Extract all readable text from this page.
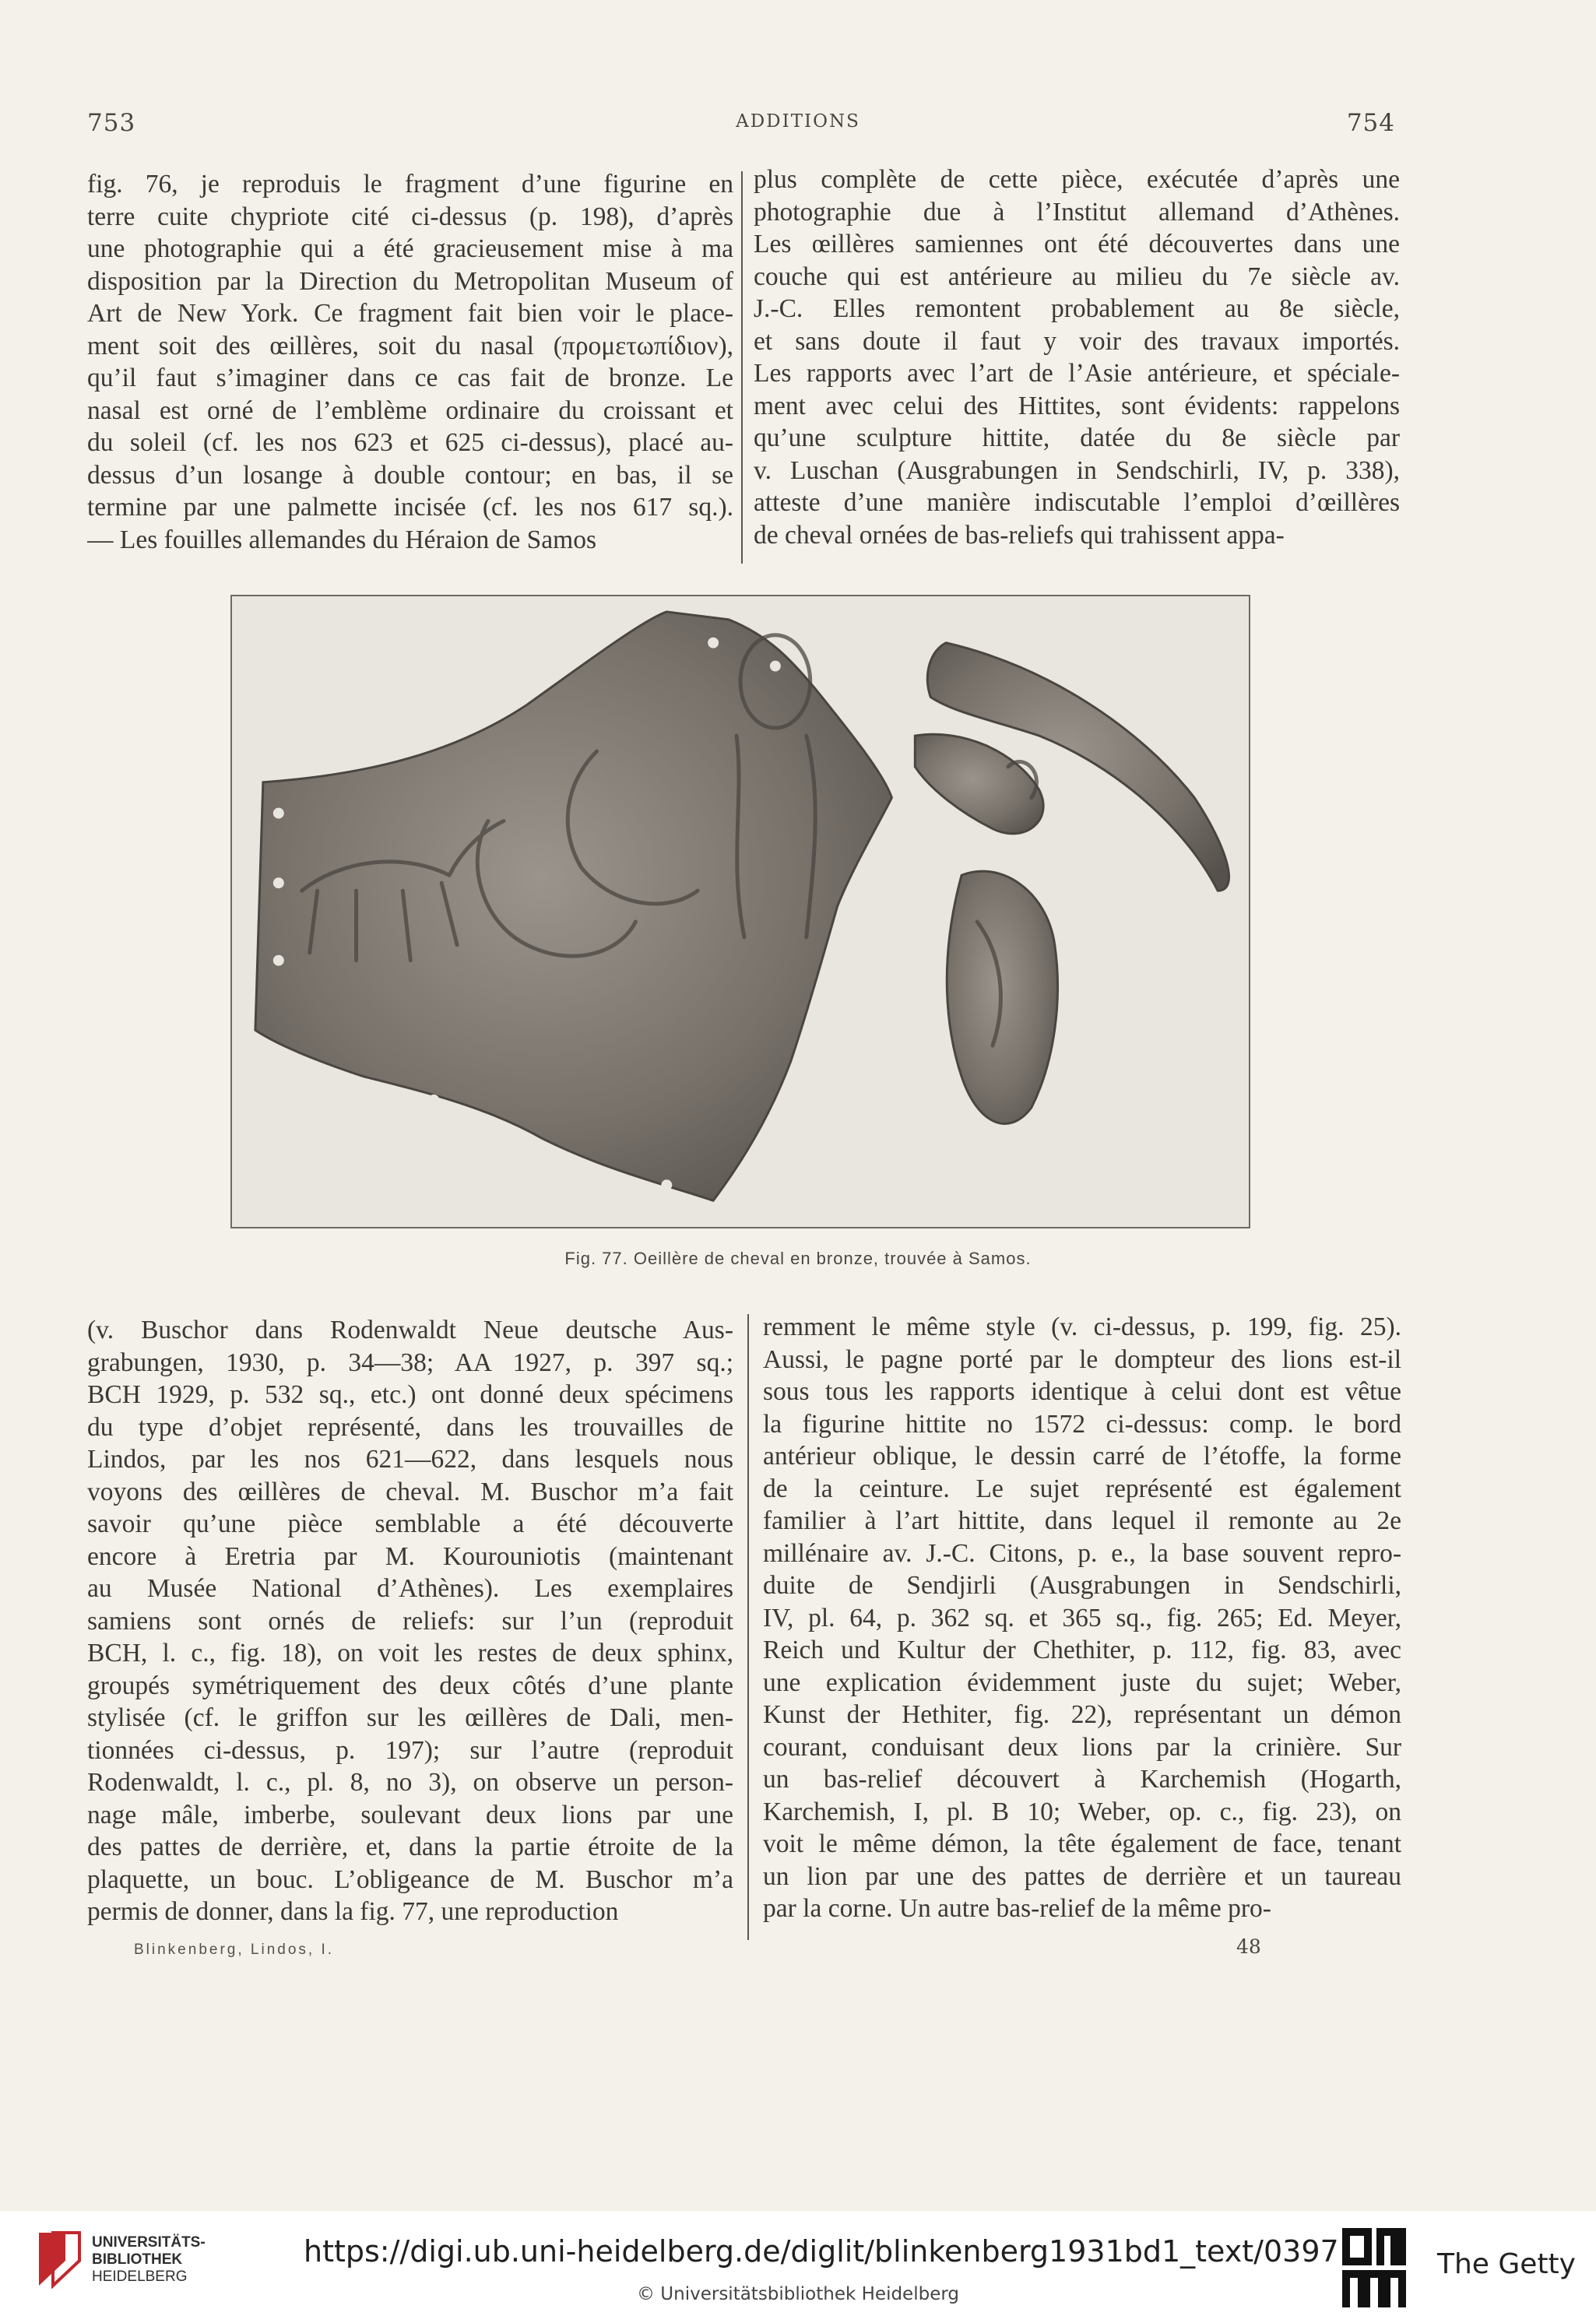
753	ADDITIONS	754

fig. 76, je reproduis le fragment d’une figurine en

terre cuite chypriote cité ci-dessus (p. 198), d’après

une photographie qui a été gracieusement mise à ma

disposition par la Direction du Metropolitan Museum of

Art de New York. Ce fragment fait bien voir le place-

ment soit des œillères, soit du nasal (προμετωπίδιον),

qu’il faut s’imaginer dans ce cas fait de bronze. Le

nasal est orné de l’emblème ordinaire du croissant et

du soleil (cf. les nos 623 et 625 ci-dessus), placé au-

dessus d’un losange à double contour; en bas, il se

termine par une palmette incisée (cf. les nos 617 sq.).

— Les fouilles allemandes du Héraion de Samos

plus complète de cette pièce, exécutée d’après une

photographie due à l’Institut allemand d’Athènes.

Les œillères samiennes ont été découvertes dans une

couche qui est antérieure au milieu du 7e siècle av.

J.-C. Elles remontent probablement au 8e siècle,

et sans doute il faut y voir des travaux importés.

Les rapports avec l’art de l’Asie antérieure, et spéciale-

ment avec celui des Hittites, sont évidents: rappelons

qu’une sculpture hittite, datée du 8e siècle par

v. Luschan (Ausgrabungen in Sendschirli, IV, p. 338),

atteste d’une manière indiscutable l’emploi d’œillères

de cheval ornées de bas-reliefs qui trahissent appa-

Fig. 77. Oeillère de cheval en bronze, trouvée à Samos.

(v. Buschor dans Rodenwaldt Neue deutsche Aus-

grabungen, 1930, p. 34—38; AA 1927, p. 397 sq.;

BCH 1929, p. 532 sq., etc.) ont donné deux spécimens

du type d’objet représenté, dans les trouvailles de

Lindos, par les nos 621—622, dans lesquels nous

voyons des œillères de cheval. M. Buschor m’a fait

savoir qu’une pièce semblable a été découverte

encore à Eretria par M. Kourouniotis (maintenant

au Musée National d’Athènes). Les exemplaires

samiens sont ornés de reliefs: sur l’un (reproduit

BCH, l. c., fig. 18), on voit les restes de deux sphinx,

groupés symétriquement des deux côtés d’une plante

stylisée (cf. le griffon sur les œillères de Dali, men-

tionnées ci-dessus, p. 197); sur l’autre (reproduit

Rodenwaldt, l. c., pl. 8, no 3), on observe un person-

nage mâle, imberbe, soulevant deux lions par une

des pattes de derrière, et, dans la partie étroite de la

plaquette, un bouc. L’obligeance de M. Buschor m’a

permis de donner, dans la fig. 77, une reproduction

remment le même style (v. ci-dessus, p. 199, fig. 25).

Aussi, le pagne porté par le dompteur des lions est-il

sous tous les rapports identique à celui dont est vêtue

la figurine hittite no 1572 ci-dessus: comp. le bord

antérieur oblique, le dessin carré de l’étoffe, la forme

de la ceinture. Le sujet représenté est également

familier à l’art hittite, dans lequel il remonte au 2e

millénaire av. J.-C. Citons, p. e., la base souvent repro-

duite de Sendjirli (Ausgrabungen in Sendschirli,

IV, pl. 64, p. 362 sq. et 365 sq., fig. 265; Ed. Meyer,

Reich und Kultur der Chethiter, p. 112, fig. 83, avec

une explication évidemment juste du sujet; Weber,

Kunst der Hethiter, fig. 22), représentant un démon

courant, conduisant deux lions par la crinière. Sur

un bas-relief découvert à Karchemish (Hogarth,

Karchemish, I, pl. B 10; Weber, op. c., fig. 23), on

voit le même démon, la tête également de face, tenant

un lion par une des pattes de derrière et un taureau

par la corne. Un autre bas-relief de la même pro-

Blinkenberg, Lindos, I.	48
UNIVERSITÄTS-
BIBLIOTHEK
HEIDELBERG
https://digi.ub.uni-heidelberg.de/diglit/blinkenberg1931bd1_text/0397
© Universitätsbibliothek Heidelberg
The Getty
